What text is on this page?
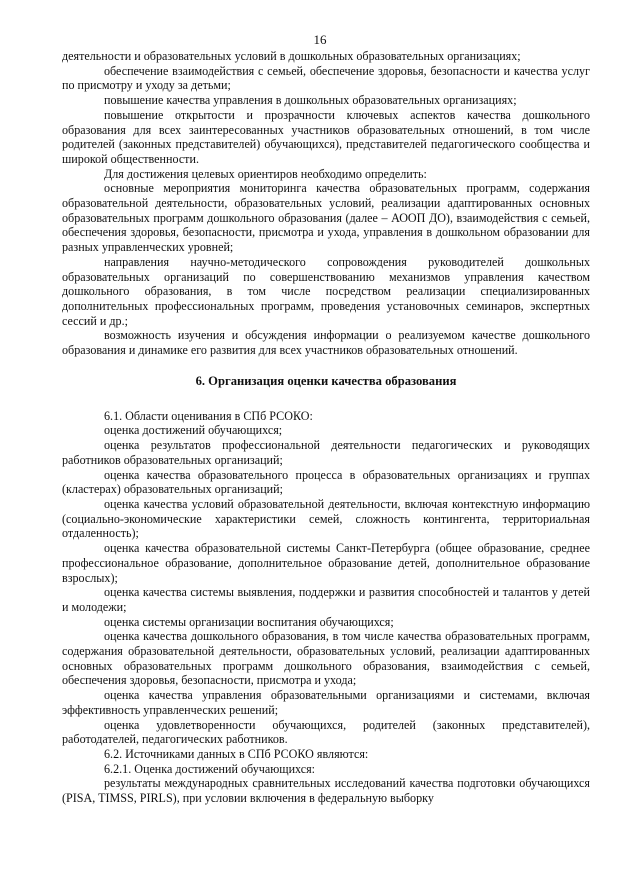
16

деятельности и образовательных условий в дошкольных образовательных организациях;

обеспечение взаимодействия с семьей, обеспечение здоровья, безопасности и качества услуг по присмотру и уходу за детьми;

повышение качества управления в дошкольных образовательных организациях;

повышение открытости и прозрачности ключевых аспектов качества дошкольного образования для всех заинтересованных участников образовательных отношений, в том числе родителей (законных представителей) обучающихся), представителей педагогического сообщества и широкой общественности.

Для достижения целевых ориентиров необходимо определить:

основные мероприятия мониторинга качества образовательных программ, содержания образовательной деятельности, образовательных условий, реализации адаптированных основных образовательных программ дошкольного образования (далее – АООП ДО), взаимодействия с семьей, обеспечения здоровья, безопасности, присмотра и ухода, управления в дошкольном образовании для разных управленческих уровней;

направления научно-методического сопровождения руководителей дошкольных образовательных организаций по совершенствованию механизмов управления качеством дошкольного образования, в том числе посредством реализации специализированных дополнительных профессиональных программ, проведения установочных семинаров, экспертных сессий и др.;

возможность изучения и обсуждения информации о реализуемом качестве дошкольного образования и динамике его развития для всех участников образовательных отношений.

6. Организация оценки качества образования

6.1. Области оценивания в СПб РСОКО:

оценка достижений обучающихся;

оценка результатов профессиональной деятельности педагогических и руководящих работников образовательных организаций;

оценка качества образовательного процесса в образовательных организациях и группах (кластерах) образовательных организаций;

оценка качества условий образовательной деятельности, включая контекстную информацию (социально-экономические характеристики семей, сложность контингента, территориальная отдаленность);

оценка качества образовательной системы Санкт-Петербурга (общее образование, среднее профессиональное образование, дополнительное образование детей, дополнительное образование взрослых);

оценка качества системы выявления, поддержки и развития способностей и талантов у детей и молодежи;

оценка системы организации воспитания обучающихся;

оценка качества дошкольного образования, в том числе качества образовательных программ, содержания образовательной деятельности, образовательных условий, реализации адаптированных основных образовательных программ дошкольного образования, взаимодействия с семьей, обеспечения здоровья, безопасности, присмотра и ухода;

оценка качества управления образовательными организациями и системами, включая эффективность управленческих решений;

оценка удовлетворенности обучающихся, родителей (законных представителей), работодателей, педагогических работников.

6.2. Источниками данных в СПб РСОКО являются:

6.2.1. Оценка достижений обучающихся:

результаты международных сравнительных исследований качества подготовки обучающихся (PISA, TIMSS, PIRLS), при условии включения в федеральную выборку
